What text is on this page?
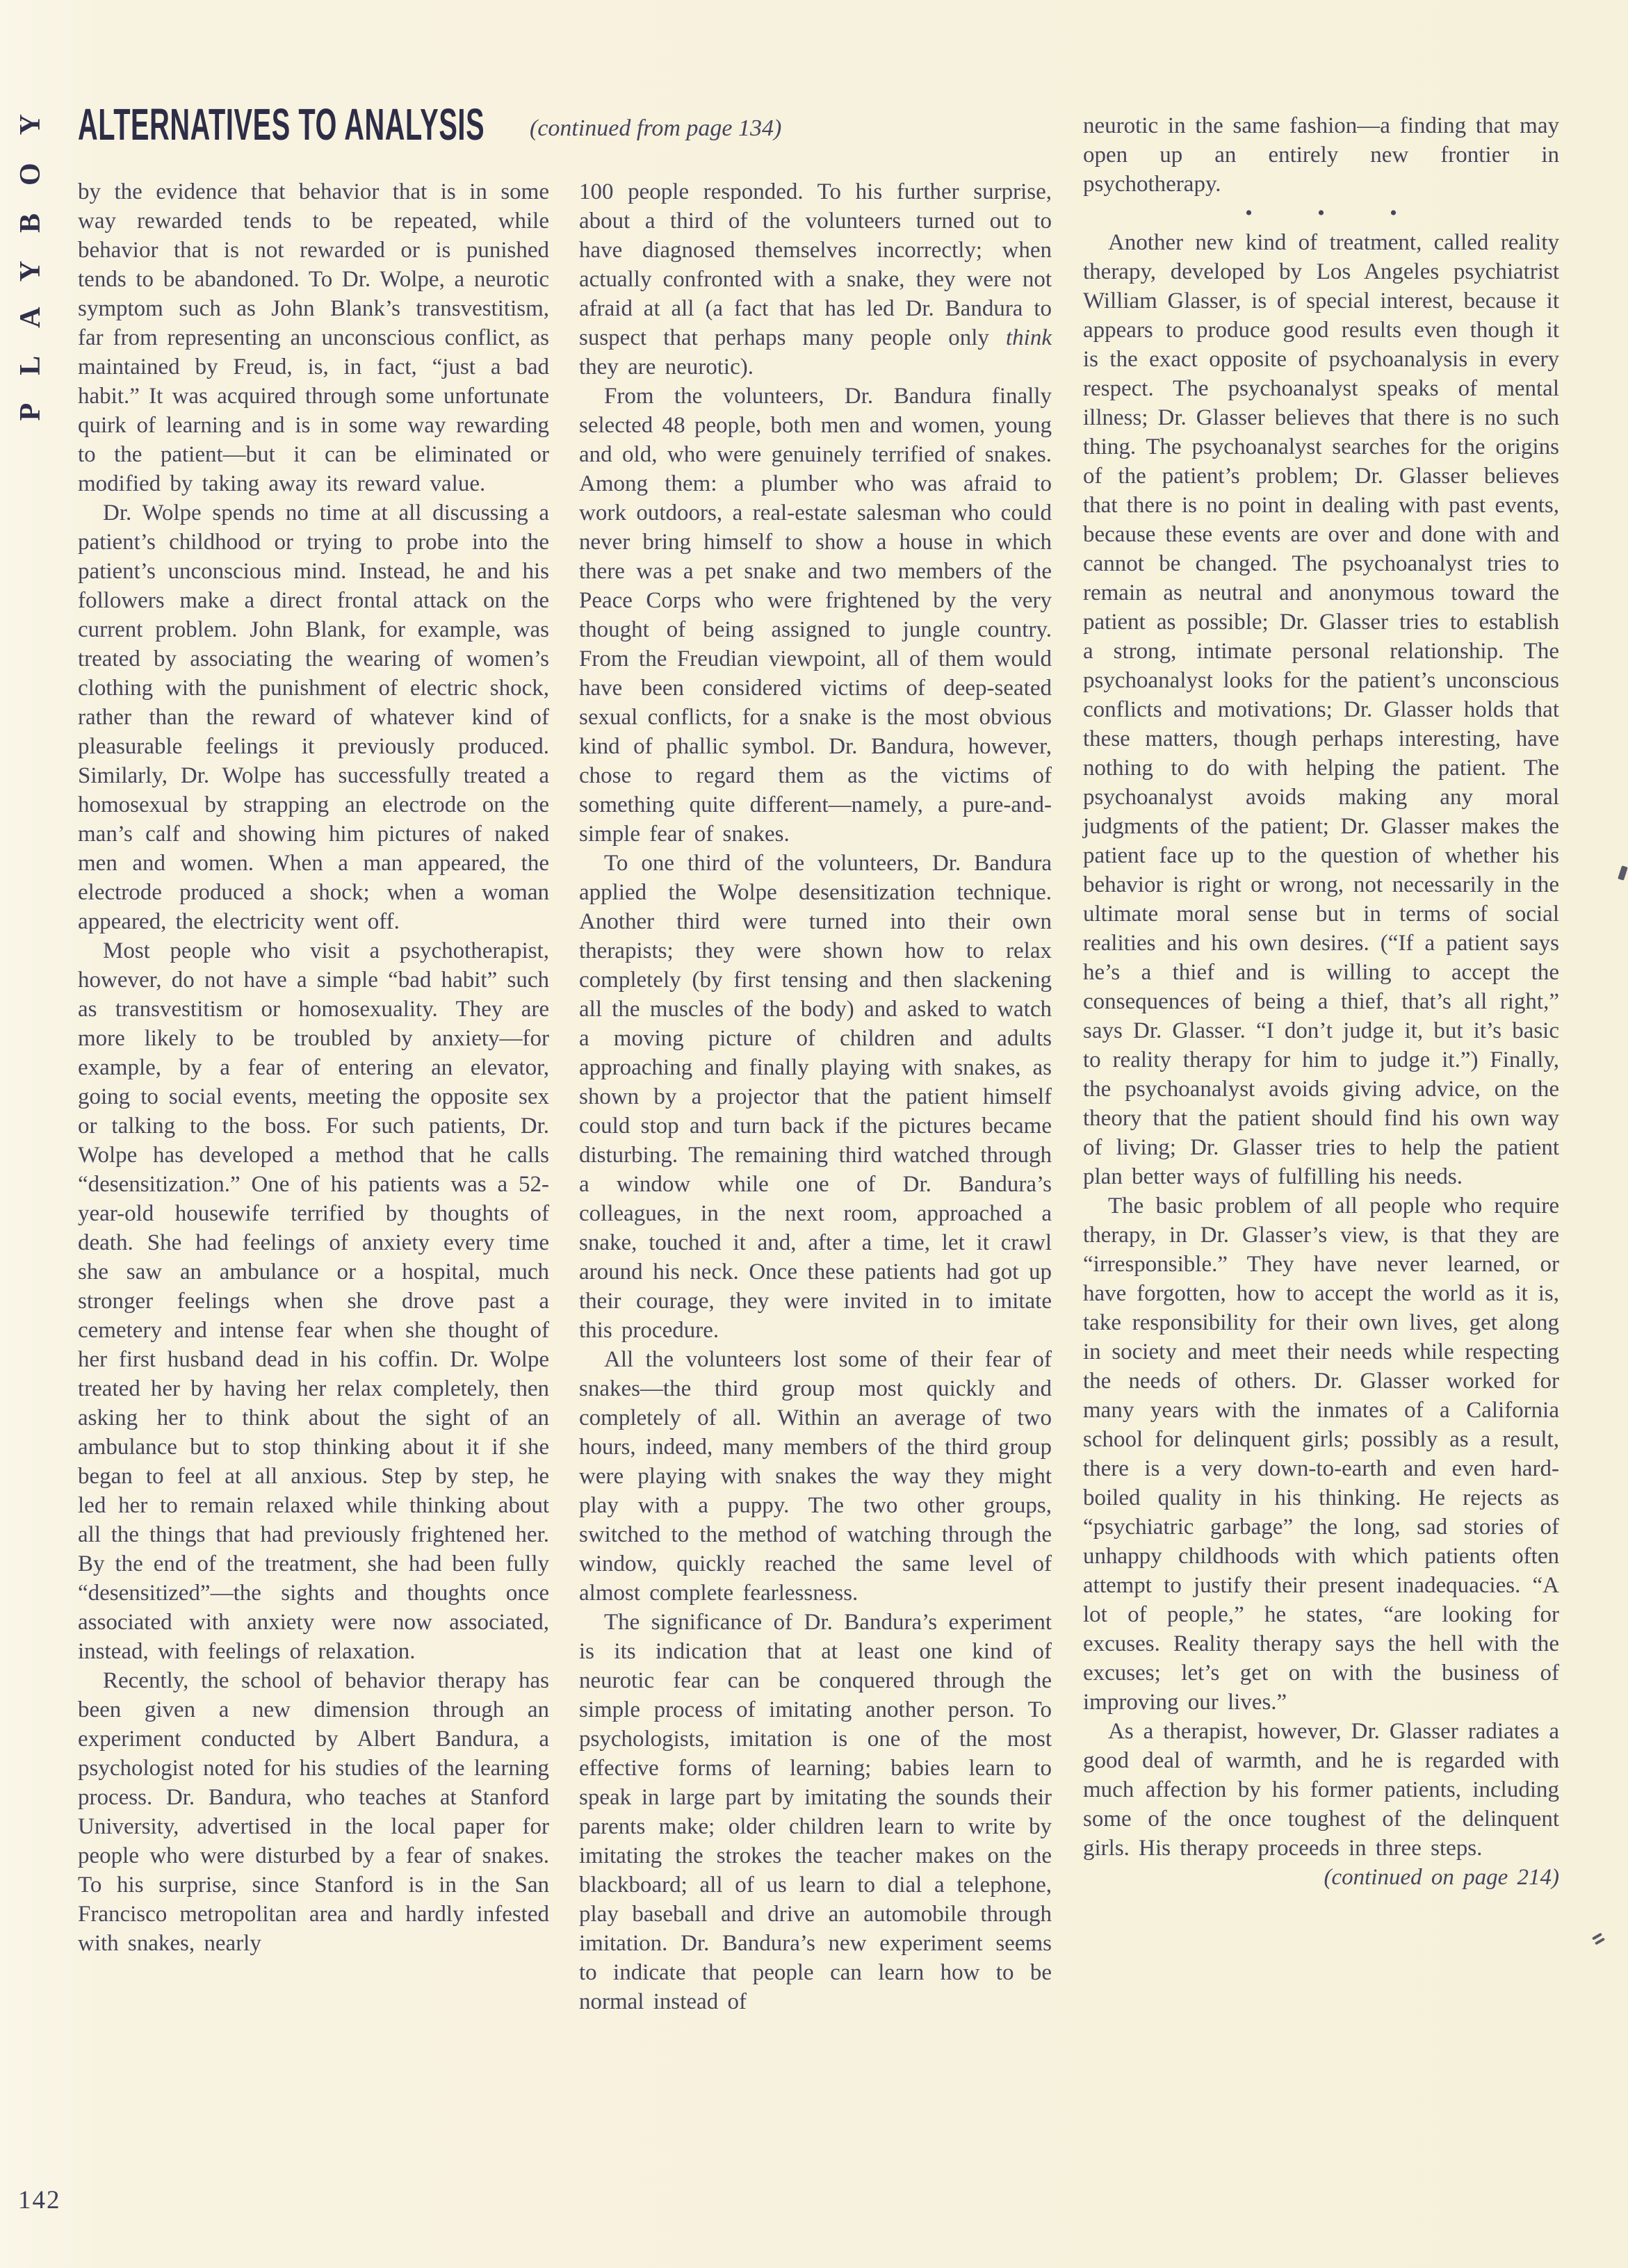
PLAYBOY
142
ALTERNATIVES TO ANALYSIS (continued from page 134)

by the evidence that behavior that is in some way rewarded tends to be repeated, while behavior that is not rewarded or is punished tends to be abandoned. To Dr. Wolpe, a neurotic symptom such as John Blank’s transvestitism, far from representing an unconscious conflict, as maintained by Freud, is, in fact, “just a bad habit.” It was acquired through some unfortunate quirk of learning and is in some way rewarding to the patient—but it can be eliminated or modified by taking away its reward value.

Dr. Wolpe spends no time at all discussing a patient’s childhood or trying to probe into the patient’s unconscious mind. Instead, he and his followers make a direct frontal attack on the current problem. John Blank, for example, was treated by associating the wearing of women’s clothing with the punishment of electric shock, rather than the reward of whatever kind of pleasurable feelings it previously produced. Similarly, Dr. Wolpe has successfully treated a homosexual by strapping an electrode on the man’s calf and showing him pictures of naked men and women. When a man appeared, the electrode produced a shock; when a woman appeared, the electricity went off.

Most people who visit a psychotherapist, however, do not have a simple “bad habit” such as transvestitism or homosexuality. They are more likely to be troubled by anxiety—for example, by a fear of entering an elevator, going to social events, meeting the opposite sex or talking to the boss. For such patients, Dr. Wolpe has developed a method that he calls “desensitization.” One of his patients was a 52-year-old housewife terrified by thoughts of death. She had feelings of anxiety every time she saw an ambulance or a hospital, much stronger feelings when she drove past a cemetery and intense fear when she thought of her first husband dead in his coffin. Dr. Wolpe treated her by having her relax completely, then asking her to think about the sight of an ambulance but to stop thinking about it if she began to feel at all anxious. Step by step, he led her to remain relaxed while thinking about all the things that had previously frightened her. By the end of the treatment, she had been fully “desensitized”—the sights and thoughts once associated with anxiety were now associated, instead, with feelings of relaxation.

Recently, the school of behavior therapy has been given a new dimension through an experiment conducted by Albert Bandura, a psychologist noted for his studies of the learning process. Dr. Bandura, who teaches at Stanford University, advertised in the local paper for people who were disturbed by a fear of snakes. To his surprise, since Stanford is in the San Francisco metropolitan area and hardly infested with snakes, nearly

100 people responded. To his further surprise, about a third of the volunteers turned out to have diagnosed themselves incorrectly; when actually confronted with a snake, they were not afraid at all (a fact that has led Dr. Bandura to suspect that perhaps many people only think they are neurotic).

From the volunteers, Dr. Bandura finally selected 48 people, both men and women, young and old, who were genuinely terrified of snakes. Among them: a plumber who was afraid to work outdoors, a real-estate salesman who could never bring himself to show a house in which there was a pet snake and two members of the Peace Corps who were frightened by the very thought of being assigned to jungle country. From the Freudian viewpoint, all of them would have been considered victims of deep-seated sexual conflicts, for a snake is the most obvious kind of phallic symbol. Dr. Bandura, however, chose to regard them as the victims of something quite different—namely, a pure-and-simple fear of snakes.

To one third of the volunteers, Dr. Bandura applied the Wolpe desensitization technique. Another third were turned into their own therapists; they were shown how to relax completely (by first tensing and then slackening all the muscles of the body) and asked to watch a moving picture of children and adults approaching and finally playing with snakes, as shown by a projector that the patient himself could stop and turn back if the pictures became disturbing. The remaining third watched through a window while one of Dr. Bandura’s colleagues, in the next room, approached a snake, touched it and, after a time, let it crawl around his neck. Once these patients had got up their courage, they were invited in to imitate this procedure.

All the volunteers lost some of their fear of snakes—the third group most quickly and completely of all. Within an average of two hours, indeed, many members of the third group were playing with snakes the way they might play with a puppy. The two other groups, switched to the method of watching through the window, quickly reached the same level of almost complete fearlessness.

The significance of Dr. Bandura’s experiment is its indication that at least one kind of neurotic fear can be conquered through the simple process of imitating another person. To psychologists, imitation is one of the most effective forms of learning; babies learn to speak in large part by imitating the sounds their parents make; older children learn to write by imitating the strokes the teacher makes on the blackboard; all of us learn to dial a telephone, play baseball and drive an automobile through imitation. Dr. Bandura’s new experiment seems to indicate that people can learn how to be normal instead of

neurotic in the same fashion—a finding that may open up an entirely new frontier in psychotherapy.

• • •

Another new kind of treatment, called reality therapy, developed by Los Angeles psychiatrist William Glasser, is of special interest, because it appears to produce good results even though it is the exact opposite of psychoanalysis in every respect. The psychoanalyst speaks of mental illness; Dr. Glasser believes that there is no such thing. The psychoanalyst searches for the origins of the patient’s problem; Dr. Glasser believes that there is no point in dealing with past events, because these events are over and done with and cannot be changed. The psychoanalyst tries to remain as neutral and anonymous toward the patient as possible; Dr. Glasser tries to establish a strong, intimate personal relationship. The psychoanalyst looks for the patient’s unconscious conflicts and motivations; Dr. Glasser holds that these matters, though perhaps interesting, have nothing to do with helping the patient. The psychoanalyst avoids making any moral judgments of the patient; Dr. Glasser makes the patient face up to the question of whether his behavior is right or wrong, not necessarily in the ultimate moral sense but in terms of social realities and his own desires. (“If a patient says he’s a thief and is willing to accept the consequences of being a thief, that’s all right,” says Dr. Glasser. “I don’t judge it, but it’s basic to reality therapy for him to judge it.”) Finally, the psychoanalyst avoids giving advice, on the theory that the patient should find his own way of living; Dr. Glasser tries to help the patient plan better ways of fulfilling his needs.

The basic problem of all people who require therapy, in Dr. Glasser’s view, is that they are “irresponsible.” They have never learned, or have forgotten, how to accept the world as it is, take responsibility for their own lives, get along in society and meet their needs while respecting the needs of others. Dr. Glasser worked for many years with the inmates of a California school for delinquent girls; possibly as a result, there is a very down-to-earth and even hard-boiled quality in his thinking. He rejects as “psychiatric garbage” the long, sad stories of unhappy childhoods with which patients often attempt to justify their present inadequacies. “A lot of people,” he states, “are looking for excuses. Reality therapy says the hell with the excuses; let’s get on with the business of improving our lives.”

As a therapist, however, Dr. Glasser radiates a good deal of warmth, and he is regarded with much affection by his former patients, including some of the once toughest of the delinquent girls. His therapy proceeds in three steps.

(continued on page 214)
